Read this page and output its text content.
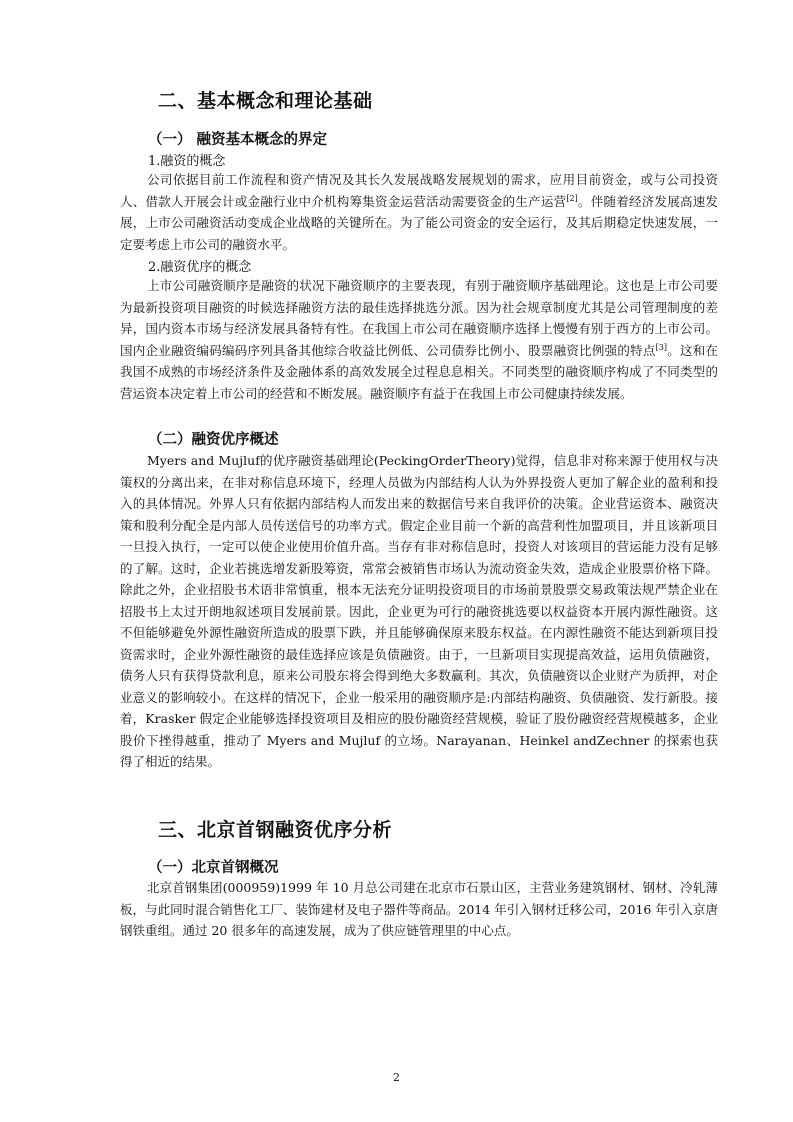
二、基本概念和理论基础
（一） 融资基本概念的界定
1.融资的概念

公司依据目前工作流程和资产情况及其长久发展战略发展规划的需求，应用目前资金，或与公司投资人、借款人开展会计或金融行业中介机构筹集资金运营活动需要资金的生产运营[2]。伴随着经济发展高速发展，上市公司融资活动变成企业战略的关键所在。为了能公司资金的安全运行，及其后期稳定快速发展，一定要考虑上市公司的融资水平。

2.融资优序的概念

上市公司融资顺序是融资的状况下融资顺序的主要表现，有别于融资顺序基础理论。这也是上市公司要为最新投资项目融资的时候选择融资方法的最佳选择挑选分派。因为社会规章制度尤其是公司管理制度的差异，国内资本市场与经济发展具备特有性。在我国上市公司在融资顺序选择上慢慢有别于西方的上市公司。国内企业融资编码编码序列具备其他综合收益比例低、公司债券比例小、股票融资比例强的特点[3]。这和在我国不成熟的市场经济条件及金融体系的高效发展全过程息息相关。不同类型的融资顺序构成了不同类型的营运资本决定着上市公司的经营和不断发展。融资顺序有益于在我国上市公司健康持续发展。

（二）融资优序概述

Myers and Mujluf的优序融资基础理论(PeckingOrderTheory)觉得，信息非对称来源于使用权与决策权的分离出来，在非对称信息环境下，经理人员做为内部结构人认为外界投资人更加了解企业的盈利和投入的具体情况。外界人只有依据内部结构人而发出来的数据信号来自我评价的决策。企业营运资本、融资决策和股利分配全是内部人员传送信号的功率方式。假定企业目前一个新的高营利性加盟项目，并且该新项目一旦投入执行，一定可以使企业使用价值升高。当存有非对称信息时，投资人对该项目的营运能力没有足够的了解。这时，企业若挑选增发新股筹资，常常会被销售市场认为流动资金失效，造成企业股票价格下降。除此之外，企业招股书术语非常慎重，根本无法充分证明投资项目的市场前景股票交易政策法规严禁企业在招股书上太过开朗地叙述项目发展前景。因此，企业更为可行的融资挑选要以权益资本开展内源性融资。这不但能够避免外源性融资所造成的股票下跌，并且能够确保原来股东权益。在内源性融资不能达到新项目投资需求时，企业外源性融资的最佳选择应该是负债融资。由于，一旦新项目实现提高效益，运用负债融资，债务人只有获得贷款利息，原来公司股东将会得到绝大多数赢利。其次，负债融资以企业财产为质押，对企业意义的影响较小。在这样的情况下，企业一般采用的融资顺序是:内部结构融资、负债融资、发行新股。接着，Krasker 假定企业能够选择投资项目及相应的股份融资经营规模，验证了股份融资经营规模越多，企业股价下挫得越重，推动了 Myers and Mujluf 的立场。Narayanan、Heinkel andZechner 的探索也获得了相近的结果。

三、北京首钢融资优序分析
（一）北京首钢概况

北京首钢集团(000959)1999 年 10 月总公司建在北京市石景山区，主营业务建筑钢材、钢材、冷轧薄板，与此同时混合销售化工厂、装饰建材及电子器件等商品。2014 年引入钢材迁移公司，2016 年引入京唐钢铁重组。通过 20 很多年的高速发展，成为了供应链管理里的中心点。

2
